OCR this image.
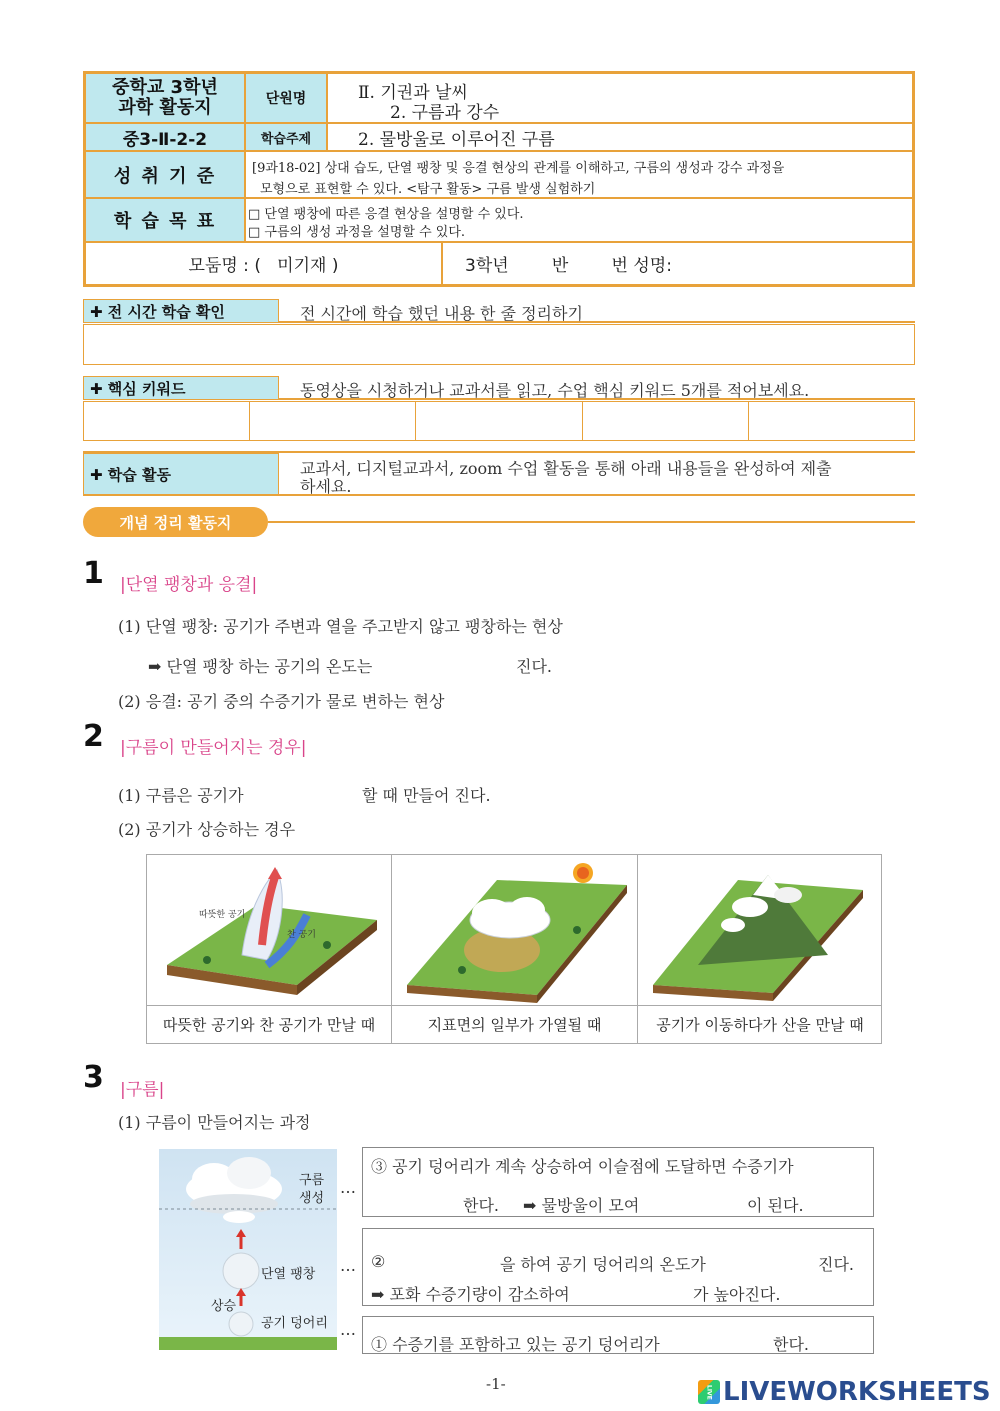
중학교 3학년
과학 활동지	단원명	Ⅱ. 기권과 날씨
2. 구름과 강수
중3-Ⅱ-2-2	학습주제	2. 물방울로 이루어진 구름
성 취 기 준	[9과18-02] 상대 습도, 단열 팽창 및 응결 현상의 관계를 이해하고, 구름의 생성과 강수 과정을
모형으로 표현할 수 있다. <탐구 활동> 구름 발생 실험하기
학 습 목 표 □ 단열 팽창에 따른 응결 현상을 설명할 수 있다.
□ 구름의 생성 과정을 설명할 수 있다.
모둠명 : (   미기재 )	3학년        반        번 성명:
✚ 전 시간 학습 확인	전 시간에 학습 했던 내용 한 줄 정리하기
✚ 핵심 키워드	동영상을 시청하거나 교과서를 읽고, 수업 핵심 키워드 5개를 적어보세요.
✚ 학습 활동	교과서, 디지털교과서, zoom 수업 활동을 통해 아래 내용들을 완성하여 제출
하세요.
개념 정리 활동지
1 |단열 팽창과 응결|
(1) 단열 팽창: 공기가 주변과 열을 주고받지 않고 팽창하는 현상
➡ 단열 팽창 하는 공기의 온도는	진다.
(2) 응결: 공기 중의 수증기가 물로 변하는 현상
2 |구름이 만들어지는 경우|
(1) 구름은 공기가	할 때 만들어 진다.
(2) 공기가 상승하는 경우
따뜻한 공기
찬 공기
따뜻한 공기와 찬 공기가 만날 때	지표면의 일부가 가열될 때	공기가 이동하다가 산을 만날 때
3 |구름|
(1) 구름이 만들어지는 과정
구름
생성
단열 팽창
상승
공기 덩어리
…
…
…
③ 공기 덩어리가 계속 상승하여 이슬점에 도달하면 수증기가
한다. ➡ 물방울이 모여	이 된다.
②	을 하여 공기 덩어리의 온도가	진다.
➡ 포화 수증기량이 감소하여	가 높아진다.
① 수증기를 포함하고 있는 공기 덩어리가	한다.
-1-	LIVE LIVEWORKSHEETS
